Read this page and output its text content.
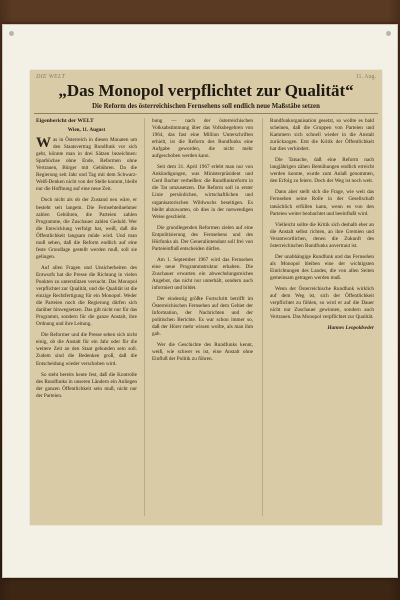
DIE WELT	11. Aug.
„Das Monopol verpflichtet zur Qualität“
Die Reform des österreichischen Fernsehens soll endlich neue Maßstäbe setzen

Eigenbericht der WELT

Wien, 11. August

Was in Österreich in diesen Monaten um den Staatsvertrag Rundfunk vor sich geht, könnte man in drei Sätzen bezeichnen: Sparbüchse ohne Ende, Reformen ohne Vertrauen, Bürger mit Gebühren. Da die Regierung seit Jahr und Tag mit dem Schwarz-Weiß-Denken nicht von der Stelle kommt, bleibt nur die Hoffnung auf eine neue Zeit.

Doch nicht als ob der Zustand neu wäre, er besteht seit langem. Die Fernsehteilnehmer zahlen Gebühren, die Parteien zahlen Programme, die Zuschauer zahlen Geduld. Wer die Entwicklung verfolgt hat, weiß, daß die Öffentlichkeit langsam müde wird. Und man muß sehen, daß die Reform endlich auf eine feste Grundlage gestellt werden muß, soll sie gelingen.

Auf allen Fragen und Unsicherheiten des Entwurfs hat die Presse die Richtung in vielen Punkten zu unterstützen versucht. Das Monopol verpflichtet zur Qualität, und die Qualität ist die einzige Rechtfertigung für ein Monopol. Weder die Parteien noch die Regierung dürfen sich darüber hinwegsetzen. Das gilt nicht nur für das Programm, sondern für die ganze Anstalt, ihre Ordnung und ihre Leitung.

Die Reformer und die Presse sehen sich nicht einig, ob die Anstalt für ein Jahr oder für die weitere Zeit an den Staat gebunden sein soll. Zudem sind die Bedenken groß, daß die Entscheidung wieder verschoben wird.

So steht bereits heute fest, daß die Kontrolle des Rundfunks in unseren Ländern ein Anliegen der ganzen Öffentlichkeit sein muß, nicht nur der Parteien.

bung — nach der österreichischen Volksabstimmung über das Volksbegehren von 1964, das fast eine Million Unterschriften erhielt, ist die Reform des Rundfunks eine Aufgabe geworden, die nicht mehr aufgeschoben werden kann.

Seit dem 31. April 1967 erlebt man nur von Ankündigungen, was Ministerpräsident und Gerd Bacher verheißen: die Rundfunkreform in die Tat umzusetzen. Die Reform soll in erster Linie persönlichen, wirtschaftlichen und organisatorischen Wildwuchs beseitigen. Es bleibt abzuwarten, ob dies in der notwendigen Weise geschieht.

Die grundlegenden Reformen zielen auf eine Entpolitisierung des Fernsehens und des Hörfunks ab. Der Generalintendant soll frei von Parteieinfluß entscheiden dürfen.

Am 1. September 1967 wird das Fernsehen eine neue Programmstruktur erhalten. Die Zuschauer erwarten ein abwechslungsreiches Angebot, das nicht nur unterhält, sondern auch informiert und bildet.

Der eindeutig größte Fortschritt betrifft im Österreichischen Fernsehen auf dem Gebiet der Information, der Nachrichten und der politischen Berichte. Es war schon immer so, daß der Hörer mehr wissen wollte, als man ihm gab.

Wer die Geschichte des Rundfunks kennt, weiß, wie schwer es ist, eine Anstalt ohne Einfluß der Politik zu führen.

Rundfunkorganisation gesetzt, so wollte es bald scheinen, daß die Gruppen von Parteien und Kammern sich schnell wieder in die Anstalt zurückzogen. Erst die Kritik der Öffentlichkeit hat dies verhindert.

Die Tatsache, daß eine Reform nach langjährigen zähen Bemühungen endlich erreicht werden konnte, wurde zum Anlaß genommen, den Erfolg zu feiern. Doch der Weg ist noch weit.

Dann aber stellt sich die Frage, wie weit das Fernsehen seine Rolle in der Gesellschaft tatsächlich erfüllen kann, wenn es von den Parteien weiter beobachtet und beeinflußt wird.

Vielleicht sollte die Kritik sich deshalb eher an die Anstalt selbst richten, an ihre Gremien und Verantwortlichen, denen die Zukunft des österreichischen Rundfunks anvertraut ist.

Der unabhängige Rundfunk und das Fernsehen als Monopol bleiben eine der wichtigsten Einrichtungen des Landes, die von allen Seiten gemeinsam getragen werden muß.

Wenn der Österreichische Rundfunk wirklich auf dem Weg ist, sich der Öffentlichkeit verpflichtet zu fühlen, so wird er auf die Dauer nicht nur Zuschauer gewinnen, sondern auch Vertrauen. Das Monopol verpflichtet zur Qualität.

Hannes Leopoldseder
